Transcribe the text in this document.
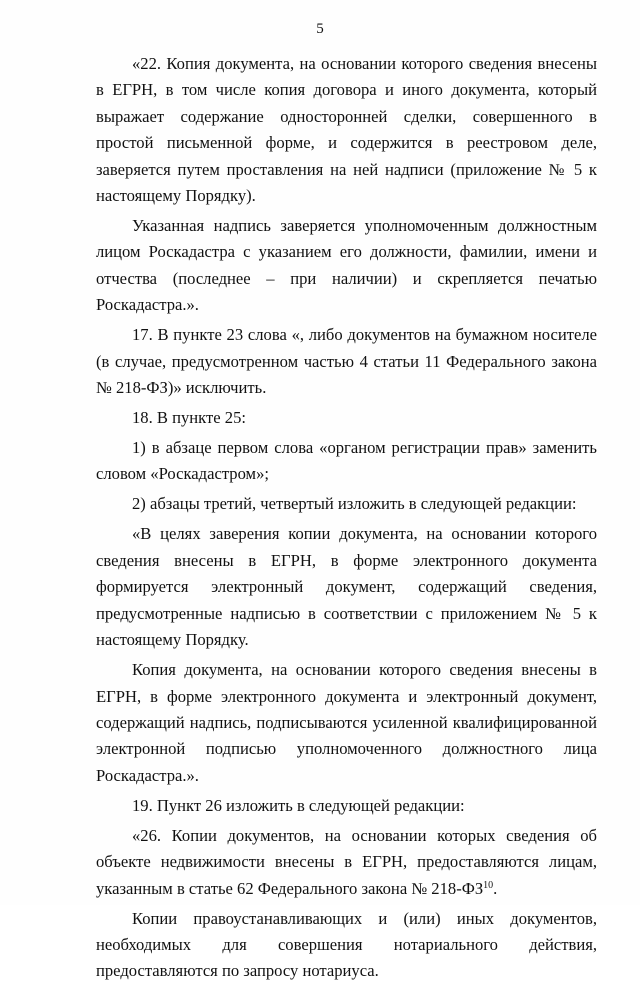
5

«22. Копия документа, на основании которого сведения внесены в ЕГРН, в том числе копия договора и иного документа, который выражает содержание односторонней сделки, совершенного в простой письменной форме, и содержится в реестровом деле, заверяется путем проставления на ней надписи (приложение № 5 к настоящему Порядку).

Указанная надпись заверяется уполномоченным должностным лицом Роскадастра с указанием его должности, фамилии, имени и отчества (последнее – при наличии) и скрепляется печатью Роскадастра.».

17. В пункте 23 слова «, либо документов на бумажном носителе (в случае, предусмотренном частью 4 статьи 11 Федерального закона № 218-ФЗ)» исключить.

18. В пункте 25:

1) в абзаце первом слова «органом регистрации прав» заменить словом «Роскадастром»;

2) абзацы третий, четвертый изложить в следующей редакции:

«В целях заверения копии документа, на основании которого сведения внесены в ЕГРН, в форме электронного документа формируется электронный документ, содержащий сведения, предусмотренные надписью в соответствии с приложением № 5 к настоящему Порядку.

Копия документа, на основании которого сведения внесены в ЕГРН, в форме электронного документа и электронный документ, содержащий надпись, подписываются усиленной квалифицированной электронной подписью уполномоченного должностного лица Роскадастра.».

19. Пункт 26 изложить в следующей редакции:

«26. Копии документов, на основании которых сведения об объекте недвижимости внесены в ЕГРН, предоставляются лицам, указанным в статье 62 Федерального закона № 218-ФЗ$^{10}$.

Копии правоустанавливающих и (или) иных документов, необходимых для совершения нотариального действия, предоставляются по запросу нотариуса.
